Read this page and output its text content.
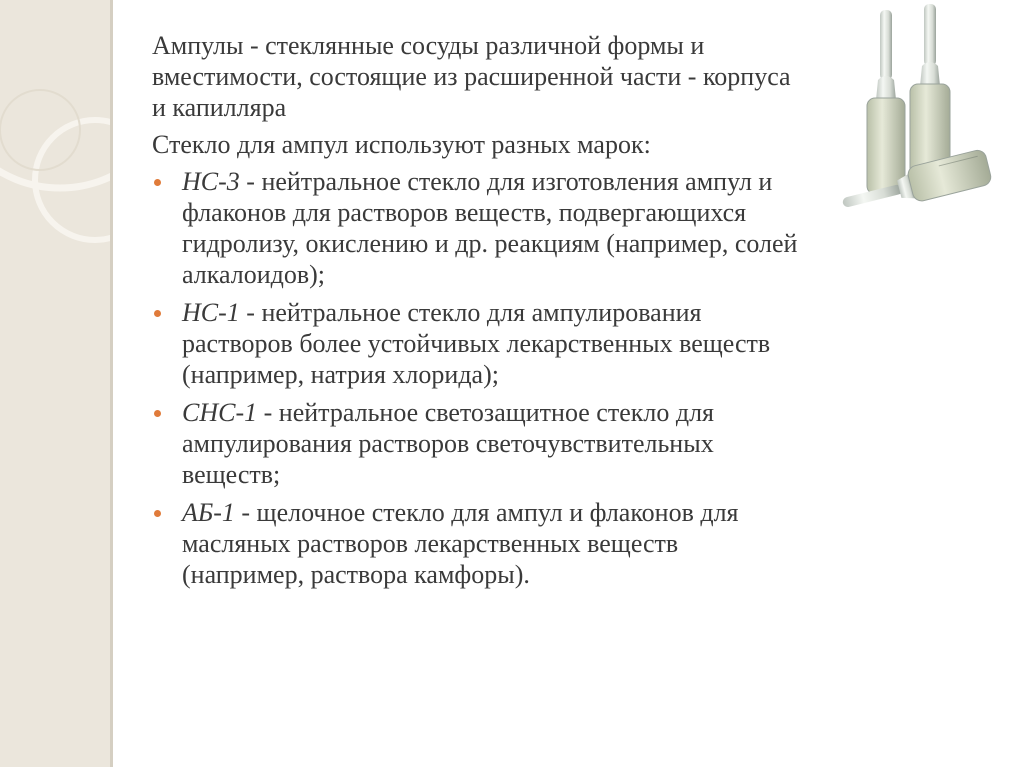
Ампулы - стеклянные сосуды различной формы и вместимости, состоящие из расширенной части - корпуса и капилляра

Стекло для ампул используют разных марок:

НС-3 - нейтральное стекло для изготовления ампул и флаконов для растворов веществ, подвергающихся гидролизу, окислению и др. реакциям (например, солей алкалоидов);
НС-1 - нейтральное стекло для ампулирования растворов более устойчивых лекарственных веществ (например, натрия хлорида);
СНС-1 - нейтральное светозащитное стекло для ампулирования растворов светочувствительных веществ;
АБ-1 - щелочное стекло для ампул и флаконов для масляных растворов лекарственных веществ (например, раствора камфоры).
